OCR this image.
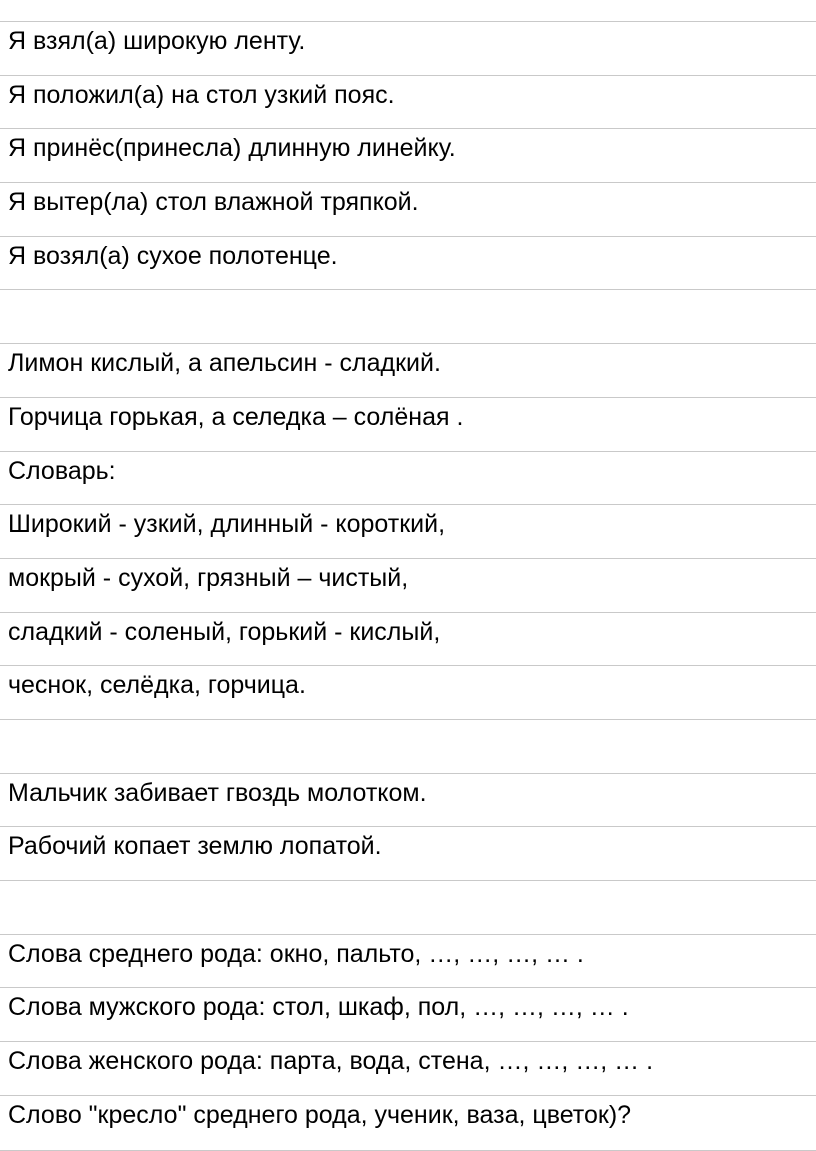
Я взял(а) широкую ленту.
Я положил(а) на стол узкий пояс.
Я принёс(принесла) длинную линейку.
Я вытер(ла) стол влажной тряпкой.
Я возял(а) сухое полотенце.
Лимон кислый, а апельсин - сладкий.
Горчица горькая, а селедка – солёная .
Словарь:
Широкий - узкий, длинный - короткий,
мокрый - сухой, грязный – чистый,
сладкий - соленый, горький - кислый,
чеснок, селёдка, горчица.
Мальчик забивает гвоздь молотком.
Рабочий копает землю лопатой.
Слова среднего рода: окно, пальто, …, …, …, … .
Слова мужского рода: стол, шкаф, пол, …, …, …, … .
Слова женского рода: парта, вода, стена, …, …, …, … .
Слово "кресло" среднего рода, ученик, ваза, цветок)?
